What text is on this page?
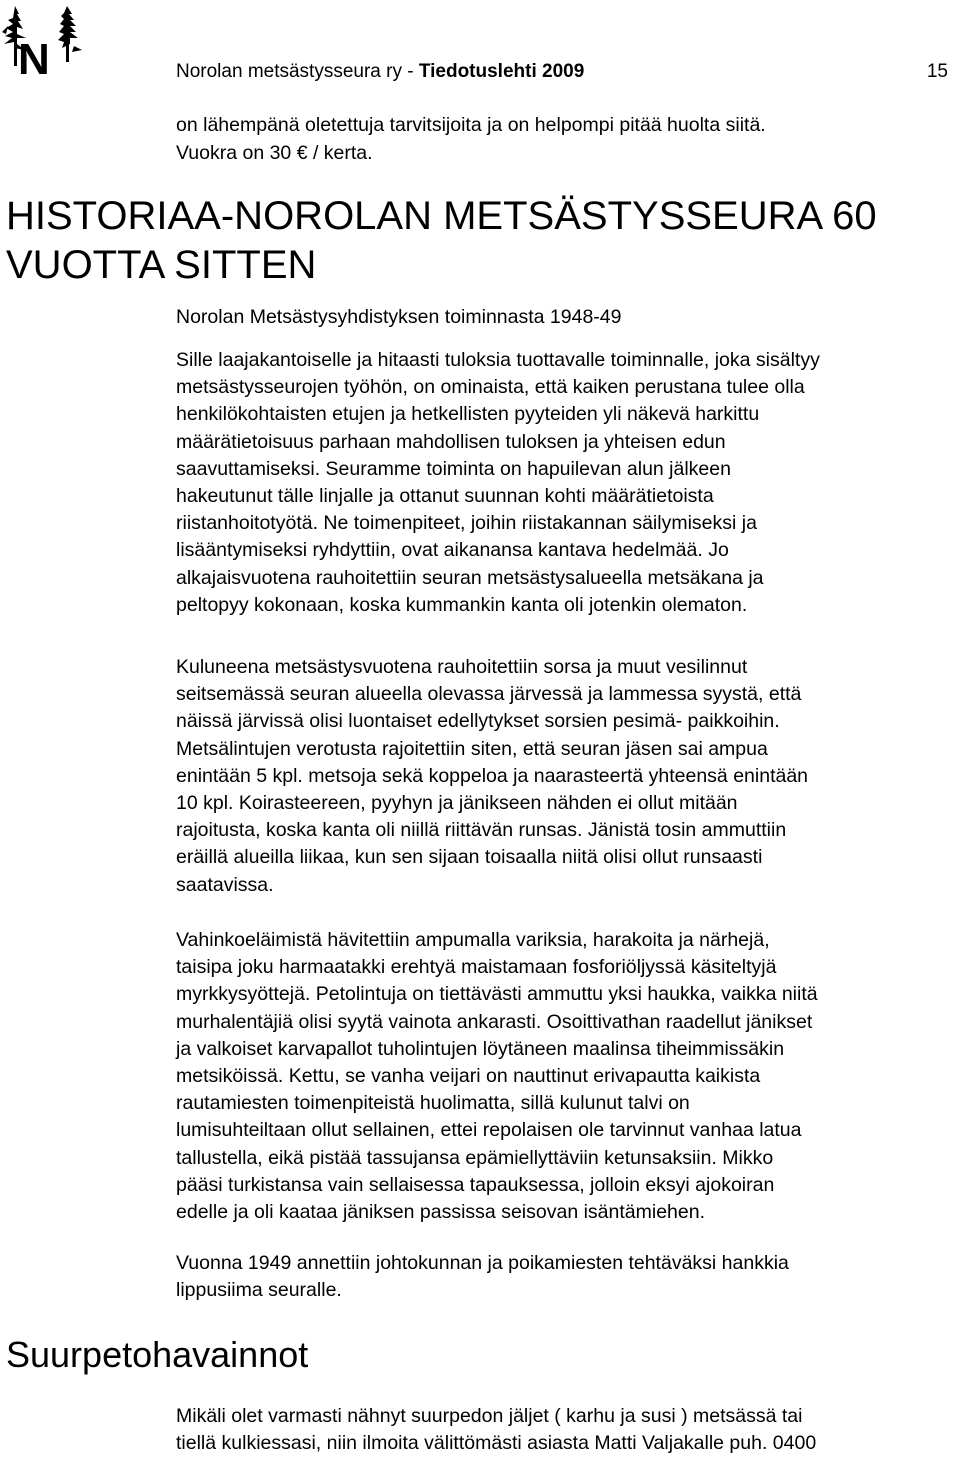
N	Norolan metsästysseura ry - Tiedotuslehti 2009	15
on lähempänä oletettuja tarvitsijoita ja on helpompi pitää huolta siitä.
Vuokra on 30 € / kerta.
HISTORIAA-NOROLAN METSÄSTYSSEURA 60
VUOTTA SITTEN
Norolan Metsästysyhdistyksen toiminnasta 1948-49

Sille laajakantoiselle ja hitaasti tuloksia tuottavalle toiminnalle, joka sisältyy
metsästysseurojen työhön, on ominaista, että kaiken perustana tulee olla
henkilökohtaisten etujen ja hetkellisten pyyteiden yli näkevä harkittu
määrätietoisuus parhaan mahdollisen tuloksen ja yhteisen edun
saavuttamiseksi. Seuramme toiminta on hapuilevan alun jälkeen
hakeutunut tälle linjalle ja ottanut suunnan kohti määrätietoista
riistanhoitotyötä. Ne toimenpiteet, joihin riistakannan säilymiseksi ja
lisääntymiseksi ryhdyttiin, ovat aikanansa kantava hedelmää. Jo
alkajaisvuotena rauhoitettiin seuran metsästysalueella metsäkana ja
peltopyy kokonaan, koska kummankin kanta oli jotenkin olematon.

Kuluneena metsästysvuotena rauhoitettiin sorsa ja muut vesilinnut
seitsemässä seuran alueella olevassa järvessä ja lammessa syystä, että
näissä järvissä olisi luontaiset edellytykset sorsien pesimä- paikkoihin.
Metsälintujen verotusta rajoitettiin siten, että seuran jäsen sai ampua
enintään 5 kpl. metsoja sekä koppeloa ja naarasteertä yhteensä enintään
10 kpl. Koirasteereen, pyyhyn ja jänikseen nähden ei ollut mitään
rajoitusta, koska kanta oli niillä riittävän runsas. Jänistä tosin ammuttiin
eräillä alueilla liikaa, kun sen sijaan toisaalla niitä olisi ollut runsaasti
saatavissa.

Vahinkoeläimistä hävitettiin ampumalla variksia, harakoita ja närhejä,
taisipa joku harmaatakki erehtyä maistamaan fosforiöljyssä käsiteltyjä
myrkkysyöttejä. Petolintuja on tiettävästi ammuttu yksi haukka, vaikka niitä
murhalentäjiä olisi syytä vainota ankarasti. Osoittivathan raadellut jänikset
ja valkoiset karvapallot tuholintujen löytäneen maalinsa tiheimmissäkin
metsiköissä. Kettu, se vanha veijari on nauttinut erivapautta kaikista
rautamiesten toimenpiteistä huolimatta, sillä kulunut talvi on
lumisuhteiltaan ollut sellainen, ettei repolaisen ole tarvinnut vanhaa latua
tallustella, eikä pistää tassujansa epämiellyttäviin ketunsaksiin. Mikko
pääsi turkistansa vain sellaisessa tapauksessa, jolloin eksyi ajokoiran
edelle ja oli kaataa jäniksen passissa seisovan isäntämiehen.

Vuonna 1949 annettiin johtokunnan ja poikamiesten tehtäväksi hankkia
lippusiima seuralle.

Suurpetohavainnot

Mikäli olet varmasti nähnyt suurpedon jäljet ( karhu ja susi ) metsässä tai
tiellä kulkiessasi, niin ilmoita välittömästi asiasta Matti Valjakalle puh. 0400
